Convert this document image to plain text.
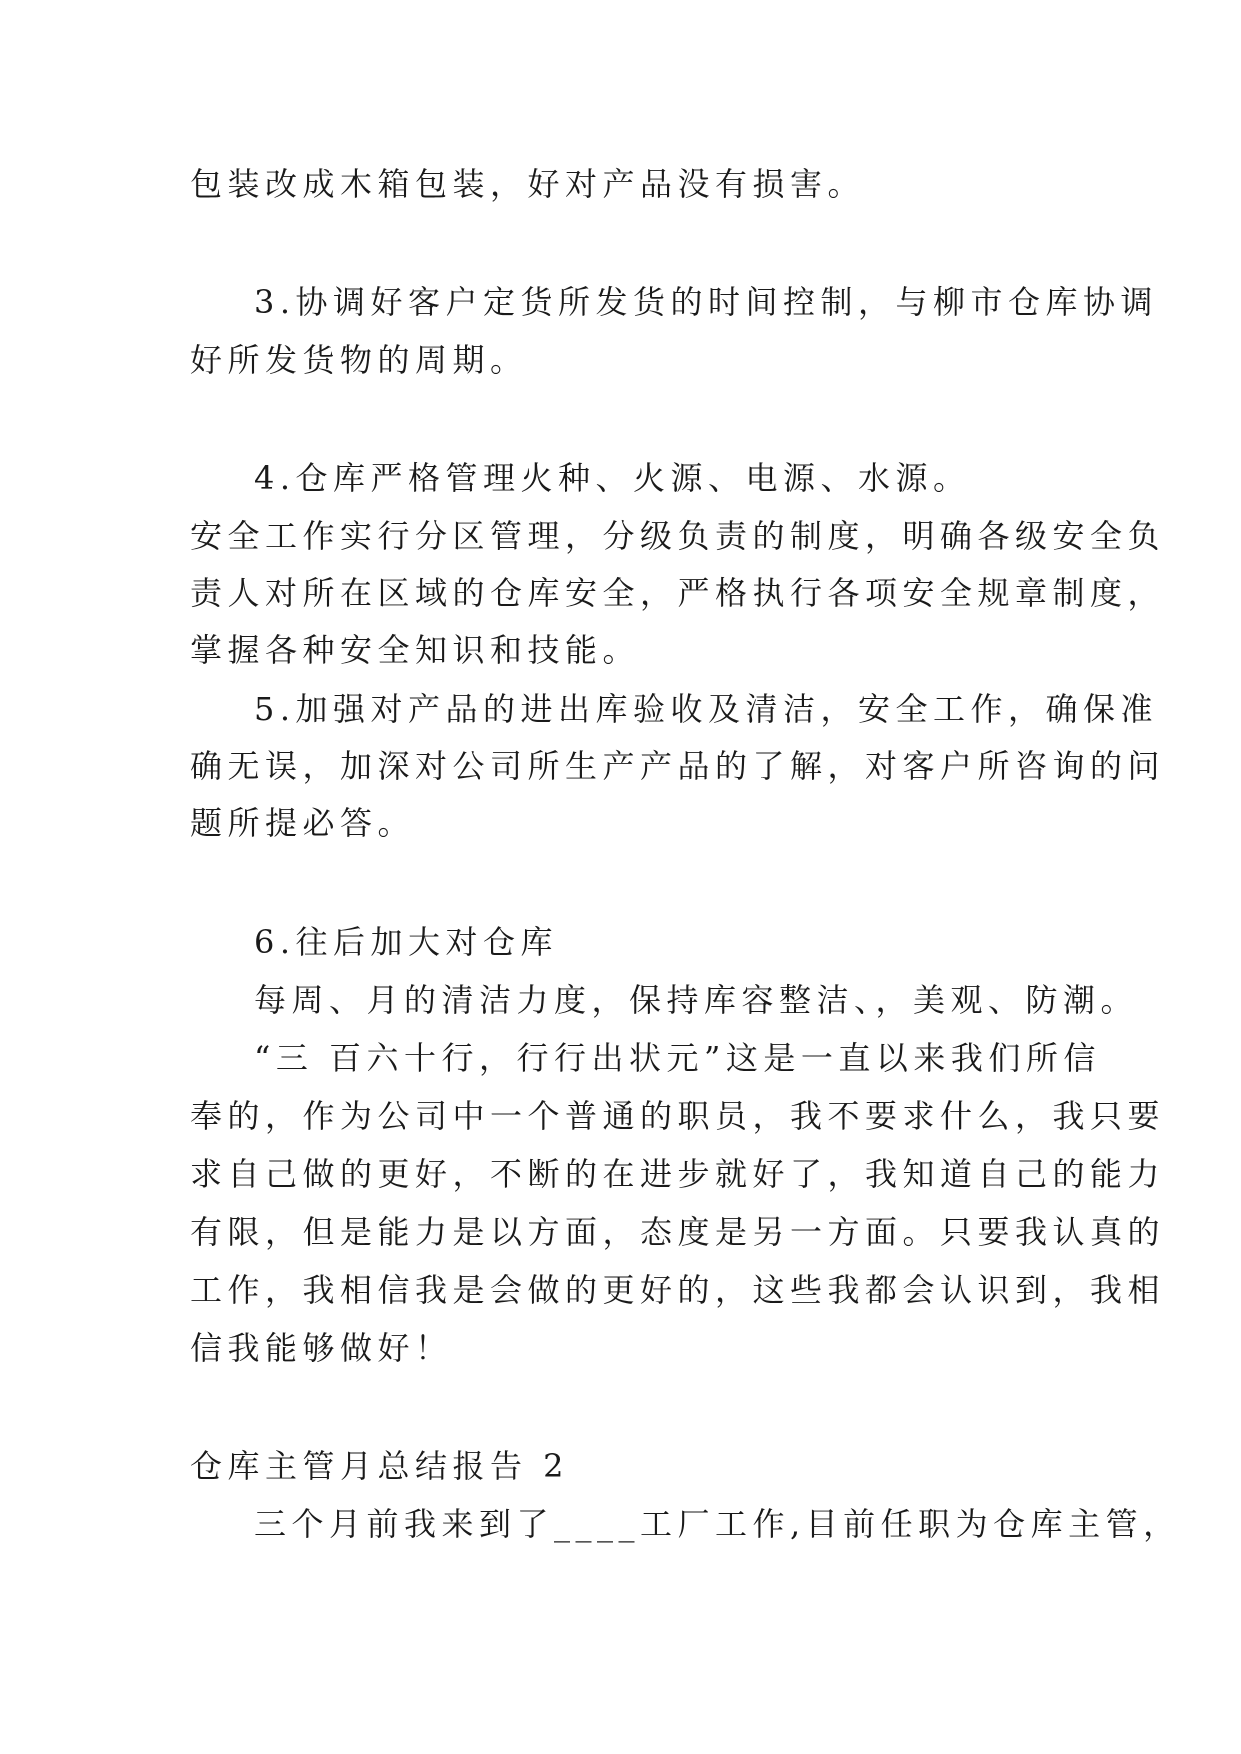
包装改成木箱包装，好对产品没有损害。

3.协调好客户定货所发货的时间控制，与柳市仓库协调

好所发货物的周期。

4.仓库严格管理火种、火源、电源、水源。

安全工作实行分区管理，分级负责的制度，明确各级安全负

责人对所在区域的仓库安全，严格执行各项安全规章制度，

掌握各种安全知识和技能。

5.加强对产品的进出库验收及清洁，安全工作，确保准

确无误，加深对公司所生产产品的了解，对客户所咨询的问

题所提必答。

6.往后加大对仓库

每周、月的清洁力度，保持库容整洁、，美观、防潮。

“三 百六十行，行行出状元”这是一直以来我们所信

奉的，作为公司中一个普通的职员，我不要求什么，我只要

求自己做的更好，不断的在进步就好了，我知道自己的能力

有限，但是能力是以方面，态度是另一方面。只要我认真的

工作，我相信我是会做的更好的，这些我都会认识到，我相

信我能够做好！

仓库主管月总结报告 2

三个月前我来到了____工厂工作,目前任职为仓库主管，
